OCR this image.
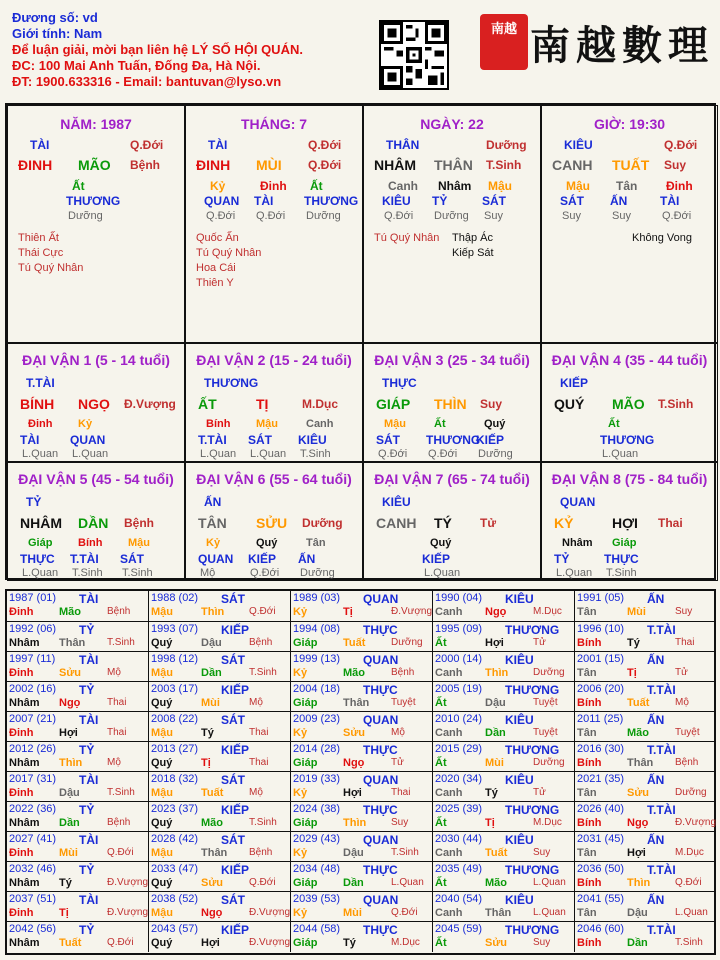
Đương số: vd
Giới tính: Nam
Để luận giải, mời bạn liên hệ LÝ SỐ HỘI QUÁN.
ĐC: 100 Mai Anh Tuấn, Đống Đa, Hà Nội.
ĐT: 1900.633316 - Email: bantuvan@lyso.vn
南越 南越數理
NĂM: 1987
TÀI	Q.Đới
ĐINH MÃO Bệnh
Ất
THƯƠNG
Dưỡng
Thiên Ất
Thái Cực
Tú Quý Nhân
THÁNG: 7
TÀI	Q.Đới
ĐINH MÙI Q.Đới
Kỷ
QUAN
Q.Đới
Đinh
TÀI
Q.Đới
Ất
THƯƠNG
Dưỡng
Quốc Ấn
Tú Quý Nhân
Hoa Cái
Thiên Y
NGÀY: 22
THÂN	Dưỡng
NHÂM THÂN T.Sinh
Canh
KIÊU
Q.Đới
Nhâm
TỶ
Dưỡng
Mậu
SÁT
Suy
Tú Quý Nhân Thập Ác
Kiếp Sát
GIỜ: 19:30
KIÊU	Q.Đới
CANH TUẤT Suy
Mậu
SÁT
Suy
Tân
ẤN
Suy
Đinh
TÀI
Q.Đới
Không Vong
ĐẠI VẬN 1 (5 - 14 tuổi)
T.TÀI
BÍNH NGỌ Đ.Vượng
Đinh
TÀI
L.Quan
Kỷ
QUAN
L.Quan
ĐẠI VẬN 2 (15 - 24 tuổi)
THƯƠNG
ẤT	TỊ	M.Dục
Bính
T.TÀI
L.Quan
Mậu
SÁT
L.Quan
Canh
KIÊU
T.Sinh
ĐẠI VẬN 3 (25 - 34 tuổi)
THỰC
GIÁP THÌN Suy
Mậu
SÁT
Q.Đới
Ất
THƯƠNG
Q.Đới
Quý
KIẾP
Dưỡng
ĐẠI VẬN 4 (35 - 44 tuổi)
KIẾP
QUÝ MÃO T.Sinh
Ất
THƯƠNG
L.Quan
ĐẠI VẬN 5 (45 - 54 tuổi)
TỶ
NHÂM DẦN Bệnh
Giáp
THỰC
L.Quan
Bính
T.TÀI
T.Sinh
Mậu
SÁT
T.Sinh
ĐẠI VẬN 6 (55 - 64 tuổi)
ẤN
TÂN SỬU Dưỡng
Kỷ
QUAN
Mộ
Quý
KIẾP
Q.Đới
Tân
ẤN
Dưỡng
ĐẠI VẬN 7 (65 - 74 tuổi)
KIÊU
CANH TÝ Tử
Quý
KIẾP
L.Quan
ĐẠI VẬN 8 (75 - 84 tuổi)
QUAN
KỶ	HỢI Thai
Nhâm
TỶ
L.Quan
Giáp
THỰC
T.Sinh
1987 (01) TÀI
Đinh Mão	Bệnh
1988 (02) SÁT
Mậu	Thìn Q.Đới
1989 (03) QUAN
Kỷ	Tị	Đ.Vượng
1990 (04) KIÊU
Canh Ngọ	M.Dục
1991 (05) ẤN
Tân	Mùi	Suy
1992 (06) TỶ
Nhâm Thân T.Sinh
1993 (07) KIẾP
Quý	Dậu	Bệnh
1994 (08) THỰC
Giáp Tuất	Dưỡng
1995 (09) THƯƠNG
Ất	Hợi	Tử
1996 (10) T.TÀI
Bính Tý	Thai
1997 (11) TÀI
Đinh Sửu	Mộ
1998 (12) SÁT
Mậu	Dần	T.Sinh
1999 (13) QUAN
Kỷ	Mão	Bệnh
2000 (14) KIÊU
Canh Thìn Dưỡng
2001 (15) ẤN
Tân	Tị	Tử
2002 (16) TỶ
Nhâm Ngọ	Thai
2003 (17) KIẾP
Quý	Mùi	Mộ
2004 (18) THỰC
Giáp Thân Tuyệt
2005 (19) THƯƠNG
Ất	Dậu	Tuyệt
2006 (20) T.TÀI
Bính Tuất	Mộ
2007 (21) TÀI
Đinh Hợi	Thai
2008 (22) SÁT
Mậu	Tý	Thai
2009 (23) QUAN
Kỷ	Sửu	Mộ
2010 (24) KIÊU
Canh Dần	Tuyệt
2011 (25) ẤN
Tân	Mão	Tuyệt
2012 (26) TỶ
Nhâm Thìn Mộ
2013 (27) KIẾP
Quý	Tị	Thai
2014 (28) THỰC
Giáp Ngọ	Tử
2015 (29) THƯƠNG
Ất	Mùi	Dưỡng
2016 (30) T.TÀI
Bính Thân Bệnh
2017 (31) TÀI
Đinh Dậu	T.Sinh
2018 (32) SÁT
Mậu	Tuất	Mộ
2019 (33) QUAN
Kỷ	Hợi	Thai
2020 (34) KIÊU
Canh Tý	Tử
2021 (35) ẤN
Tân	Sửu	Dưỡng
2022 (36) TỶ
Nhâm Dần	Bệnh
2023 (37) KIẾP
Quý	Mão	T.Sinh
2024 (38) THỰC
Giáp Thìn Suy
2025 (39) THƯƠNG
Ất	Tị	M.Dục
2026 (40) T.TÀI
Bính Ngọ	Đ.Vượng
2027 (41) TÀI
Đinh Mùi	Q.Đới
2028 (42) SÁT
Mậu	Thân Bệnh
2029 (43) QUAN
Kỷ	Dậu	T.Sinh
2030 (44) KIÊU
Canh Tuất	Suy
2031 (45) ẤN
Tân	Hợi	M.Dục
2032 (46) TỶ
Nhâm Tý	Đ.Vượng
2033 (47) KIẾP
Quý	Sửu	Q.Đới
2034 (48) THỰC
Giáp Dần	L.Quan
2035 (49) THƯƠNG
Ất	Mão	L.Quan
2036 (50) T.TÀI
Bính Thìn Q.Đới
2037 (51) TÀI
Đinh Tị	Đ.Vượng
2038 (52) SÁT
Mậu	Ngọ	Đ.Vượng
2039 (53) QUAN
Kỷ	Mùi	Q.Đới
2040 (54) KIÊU
Canh Thân L.Quan
2041 (55) ẤN
Tân	Dậu	L.Quan
2042 (56) TỶ
Nhâm Tuất	Q.Đới
2043 (57) KIẾP
Quý	Hợi	Đ.Vượng
2044 (58) THỰC
Giáp Tý	M.Dục
2045 (59) THƯƠNG
Ất	Sửu	Suy
2046 (60) T.TÀI
Bính Dần	T.Sinh
